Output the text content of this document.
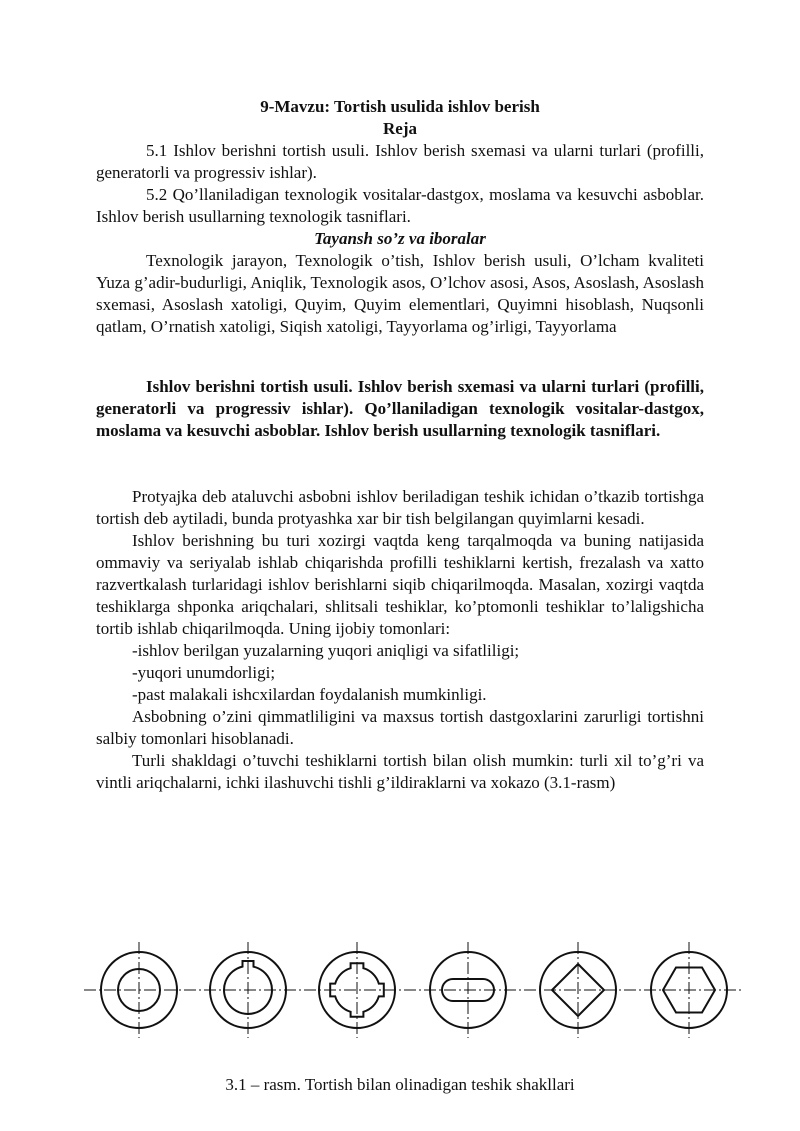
9-Mavzu: Tortish usulida ishlov berish
Reja
5.1 Ishlov berishni tortish usuli. Ishlov berish sxemasi va ularni turlari (profilli, generatorli va progressiv ishlar).
5.2 Qo’llaniladigan texnologik vositalar-dastgox, moslama va kesuvchi asboblar. Ishlov berish usullarning texnologik tasniflari.
Tayansh so’z va iboralar
Texnologik jarayon, Texnologik o’tish, Ishlov berish usuli, O’lcham kvaliteti Yuza g’adir-budurligi, Aniqlik, Texnologik asos, O’lchov asosi, Asos, Asoslash, Asoslash sxemasi, Asoslash xatoligi, Quyim, Quyim elementlari, Quyimni hisoblash, Nuqsonli qatlam, O’rnatish xatoligi, Siqish xatoligi, Tayyorlama og’irligi, Tayyorlama
Ishlov berishni tortish usuli. Ishlov berish sxemasi va ularni turlari (profilli, generatorli va progressiv ishlar). Qo’llaniladigan texnologik vositalar-dastgox, moslama va kesuvchi asboblar. Ishlov berish usullarning texnologik tasniflari.

Protyajka deb ataluvchi asbobni ishlov beriladigan teshik ichidan o’tkazib tortishga tortish deb aytiladi, bunda protyashka xar bir tish belgilangan quyimlarni kesadi.

Ishlov berishning bu turi xozirgi vaqtda keng tarqalmoqda va buning natijasida ommaviy va seriyalab ishlab chiqarishda profilli teshiklarni kertish, frezalash va xatto razvertkalash turlaridagi ishlov berishlarni siqib chiqarilmoqda. Masalan, xozirgi vaqtda teshiklarga shponka ariqchalari, shlitsali teshiklar, ko’ptomonli teshiklar to’laligshicha tortib ishlab chiqarilmoqda. Uning ijobiy tomonlari:

-ishlov berilgan yuzalarning yuqori aniqligi va sifatliligi;

-yuqori unumdorligi;

-past malakali ishcxilardan foydalanish mumkinligi.

Asbobning o’zini qimmatliligini va maxsus tortish dastgoxlarini zarurligi tortishni salbiy tomonlari hisoblanadi.

Turli shakldagi o’tuvchi teshiklarni tortish bilan olish mumkin: turli xil to’g’ri va vintli ariqchalarni, ichki ilashuvchi tishli g’ildiraklarni va xokazo (3.1-rasm)

3.1 – rasm. Tortish bilan olinadigan teshik shakllari
